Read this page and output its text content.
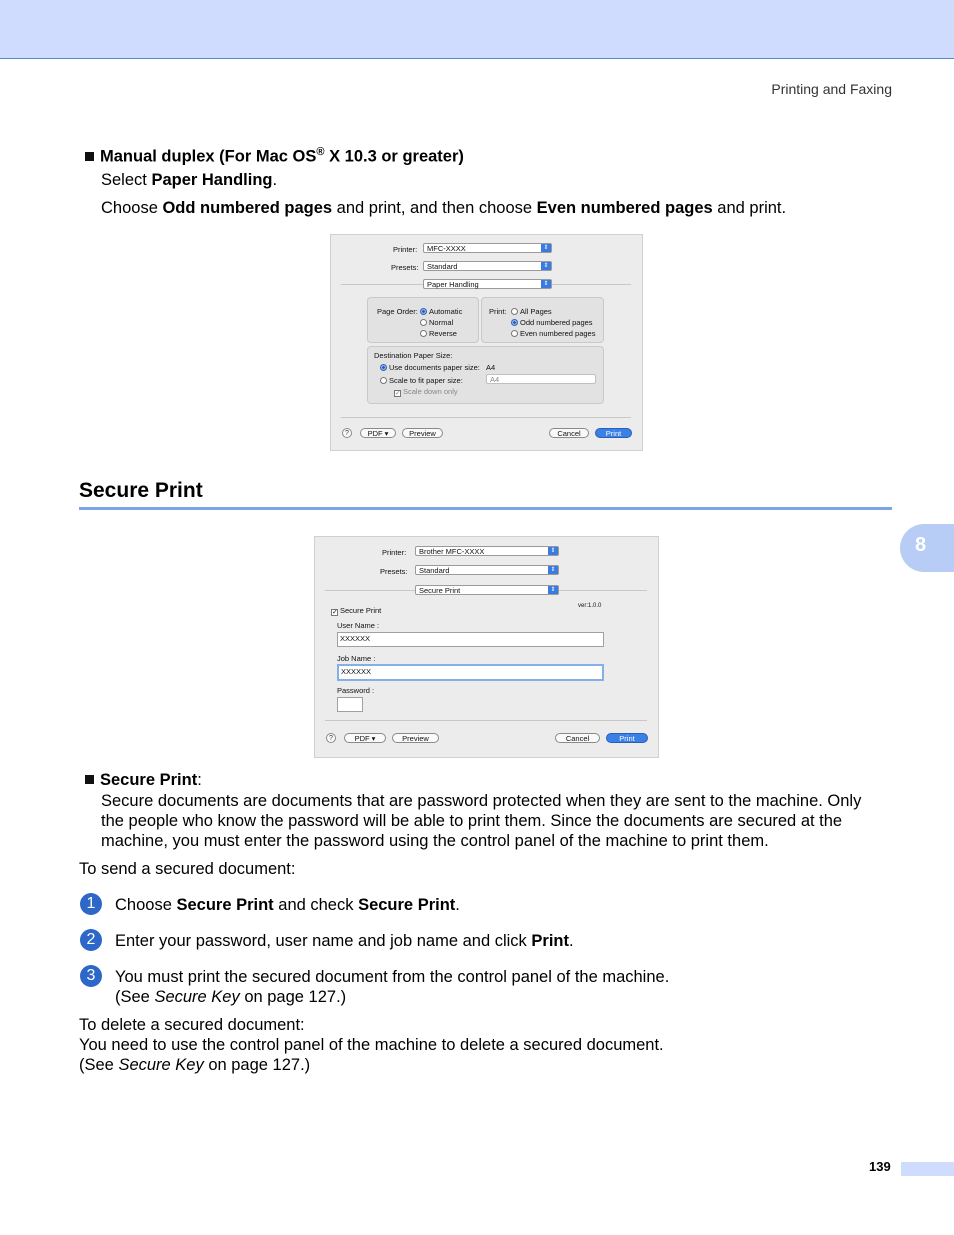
Printing and Faxing
Manual duplex (For Mac OS® X 10.3 or greater)
Select Paper Handling.
Choose Odd numbered pages and print, and then choose Even numbered pages and print.
Printer:	MFC-XXXX	⇕
Presets:	Standard	⇕
Paper Handling	⇕
Page Order:	Automatic
Normal
Reverse
Print:	All Pages
Odd numbered pages
Even numbered pages
Destination Paper Size:
Use documents paper size: A4
Scale to fit paper size:	A4
✓ Scale down only
?	PDF ▾	Preview	Cancel	Print
Secure Print
8
Printer:	Brother MFC-XXXX	⇕
Presets:	Standard	⇕
Secure Print	⇕
✓ Secure Print	ver:1.0.0
User Name :
XXXXXX
Job Name :
XXXXXX
Password :
?	PDF ▾	Preview	Cancel	Print
Secure Print:
Secure documents are documents that are password protected when they are sent to the machine. Only
the people who know the password will be able to print them. Since the documents are secured at the
machine, you must enter the password using the control panel of the machine to print them.
To send a secured document:
1	Choose Secure Print and check Secure Print.
2	Enter your password, user name and job name and click Print.
3	You must print the secured document from the control panel of the machine.
(See Secure Key on page 127.)
To delete a secured document:
You need to use the control panel of the machine to delete a secured document.
(See Secure Key on page 127.)
139
